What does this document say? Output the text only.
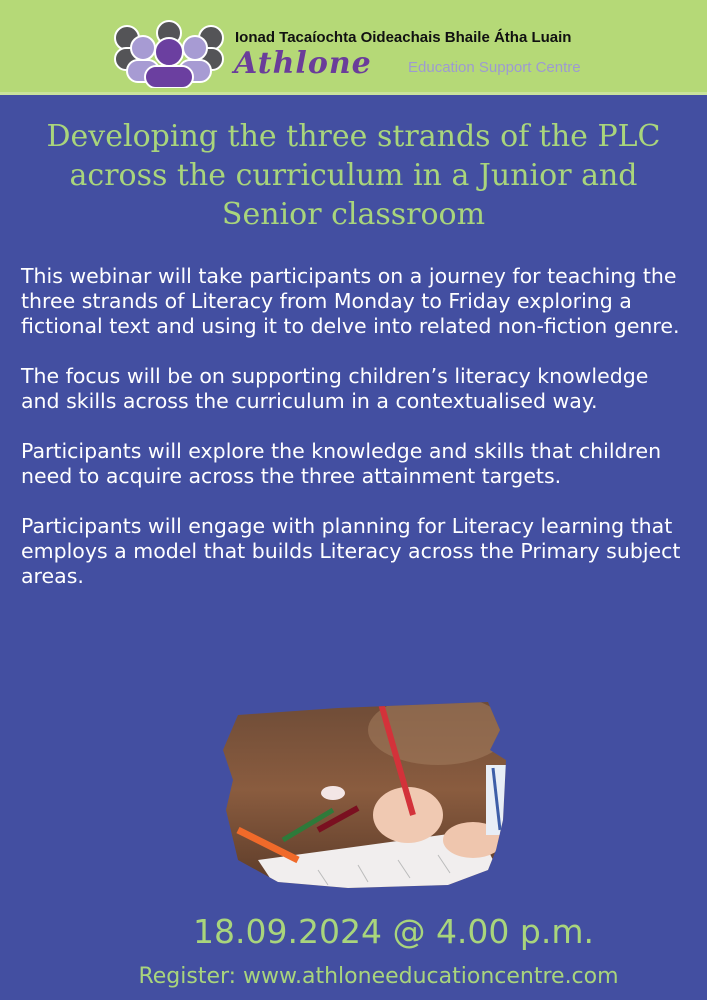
Ionad Tacaíochta Oideachais Bhaile Átha Luain
Athlone Education Support Centre
Developing the three strands of the PLC across the curriculum in a Junior and Senior classroom

This webinar will take participants on a journey for teaching the three strands of Literacy from Monday to Friday exploring a fictional text and using it to delve into related non-fiction genre.

The focus will be on supporting children’s literacy knowledge and skills across the curriculum in a contextualised way.

Participants will explore the knowledge and skills that children need to acquire across the three attainment targets.

Participants will engage with planning for Literacy learning that employs a model that builds Literacy across the Primary subject areas.

18.09.2024 @ 4.00 p.m.
Register: www.athloneeducationcentre.com
